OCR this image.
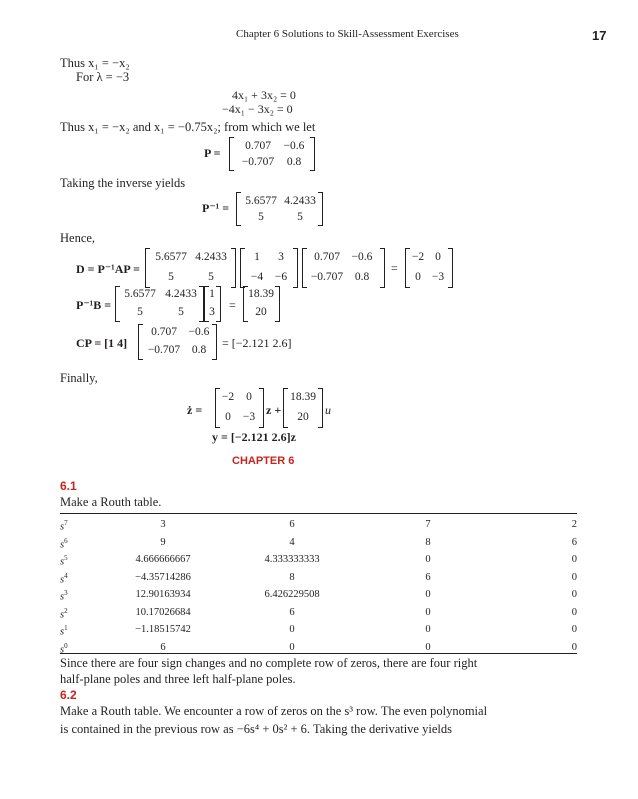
Chapter 6 Solutions to Skill-Assessment Exercises	17
Thus x₁ = −x₂
For λ = −3
4x₁ + 3x₂ = 0
−4x₁ − 3x₂ = 0
Thus x₁ = −x₂ and x₁ = −0.75x₂; from which we let
P =	0.707	−0.6
−0.707	0.8
Taking the inverse yields
P⁻¹ =	5.6577 4.2433
5	5
Hence,
D = P⁻¹AP =
5.6577 4.2433
5	5
1	3
−4	−6
0.707	−0.6
−0.707	0.8
=
−2 0
0 −3
P⁻¹B =
5.6577 4.2433
5	5
1
3 =
18.39
20
CP = [1 4]
0.707	−0.6
−0.707	0.8	= [−2.121 2.6]
Finally,
ż =
−2	0
0	−3 z +
18.39
20	u
y = [−2.121 2.6]z
CHAPTER 6
6.1
Make a Routh table.
$s^7$	3	6	7	2
$s^6$	9	4	8	6
$s^5$	4.666666667	4.333333333	0	0
$s^4$	−4.35714286	8	6	0
$s^3$	12.90163934	6.426229508	0	0
$s^2$	10.17026684	6	0	0
$s^1$	−1.18515742	0	0	0
$s^0$	6	0	0	0
Since there are four sign changes and no complete row of zeros, there are four right
half-plane poles and three left half-plane poles.
6.2
Make a Routh table. We encounter a row of zeros on the s³ row. The even polynomial
is contained in the previous row as −6s⁴ + 0s² + 6. Taking the derivative yields
